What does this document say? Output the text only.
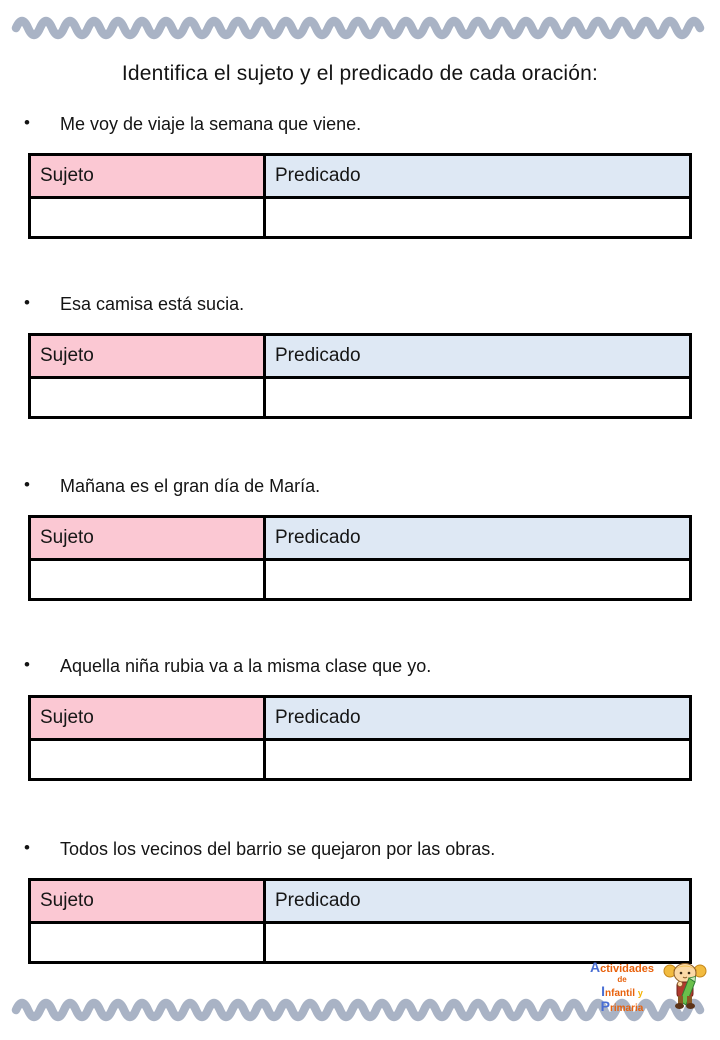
Identifica el sujeto y el predicado de cada oración:
• Me voy de viaje la semana que viene.
Sujeto	Predicado
• Esa camisa está sucia.
Sujeto	Predicado
• Mañana es el gran día de María.
Sujeto	Predicado
• Aquella niña rubia va a la misma clase que yo.
Sujeto	Predicado
• Todos los vecinos del barrio se quejaron por las obras.
Sujeto	Predicado
Actividades
de
Infantil y Primaria
